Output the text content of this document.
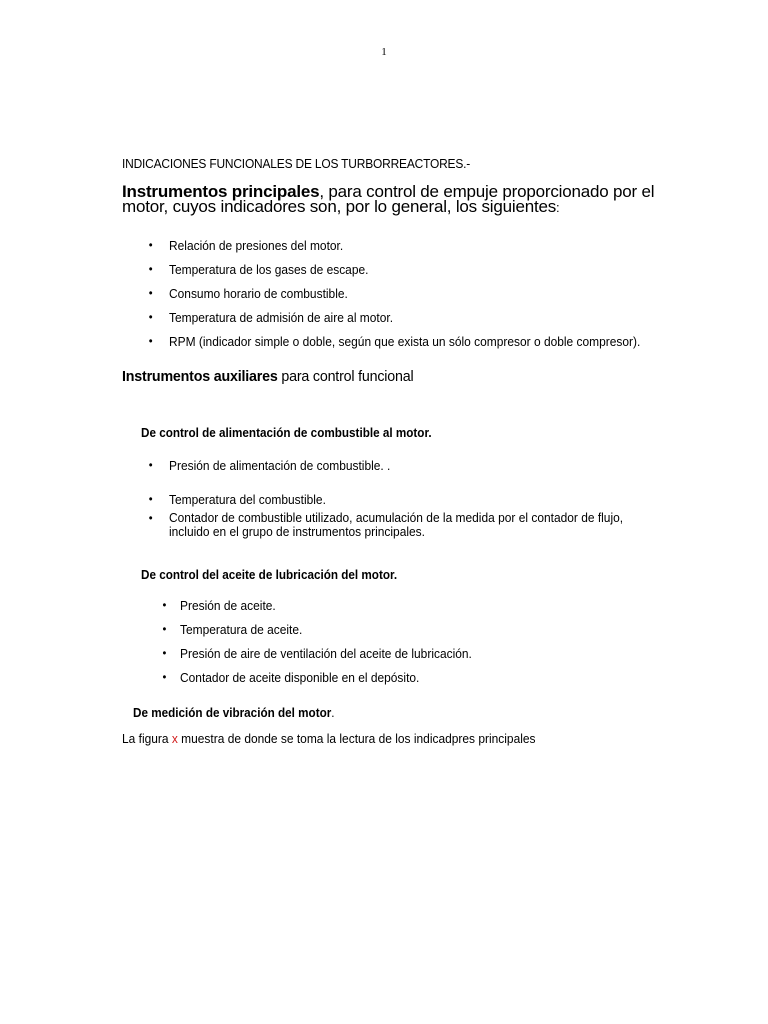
1
INDICACIONES FUNCIONALES DE LOS TURBORREACTORES.-
Instrumentos principales, para control de empuje proporcionado por el
motor, cuyos indicadores son, por lo general, los siguientes:
• Relación de presiones del motor.
• Temperatura de los gases de escape.
• Consumo horario de combustible.
• Temperatura de admisión de aire al motor.
• RPM (indicador simple o doble, según que exista un sólo compresor o doble compresor).
Instrumentos auxiliares para control funcional
De control de alimentación de combustible al motor.
• Presión de alimentación de combustible. .
• Temperatura del combustible.
• Contador de combustible utilizado, acumulación de la medida por el contador de flujo,
incluido en el grupo de instrumentos principales.
De control del aceite de lubricación del motor.
• Presión de aceite.
• Temperatura de aceite.
• Presión de aire de ventilación del aceite de lubricación.
• Contador de aceite disponible en el depósito.
De medición de vibración del motor.
La figura x muestra de donde se toma la lectura de los indicadpres principales
